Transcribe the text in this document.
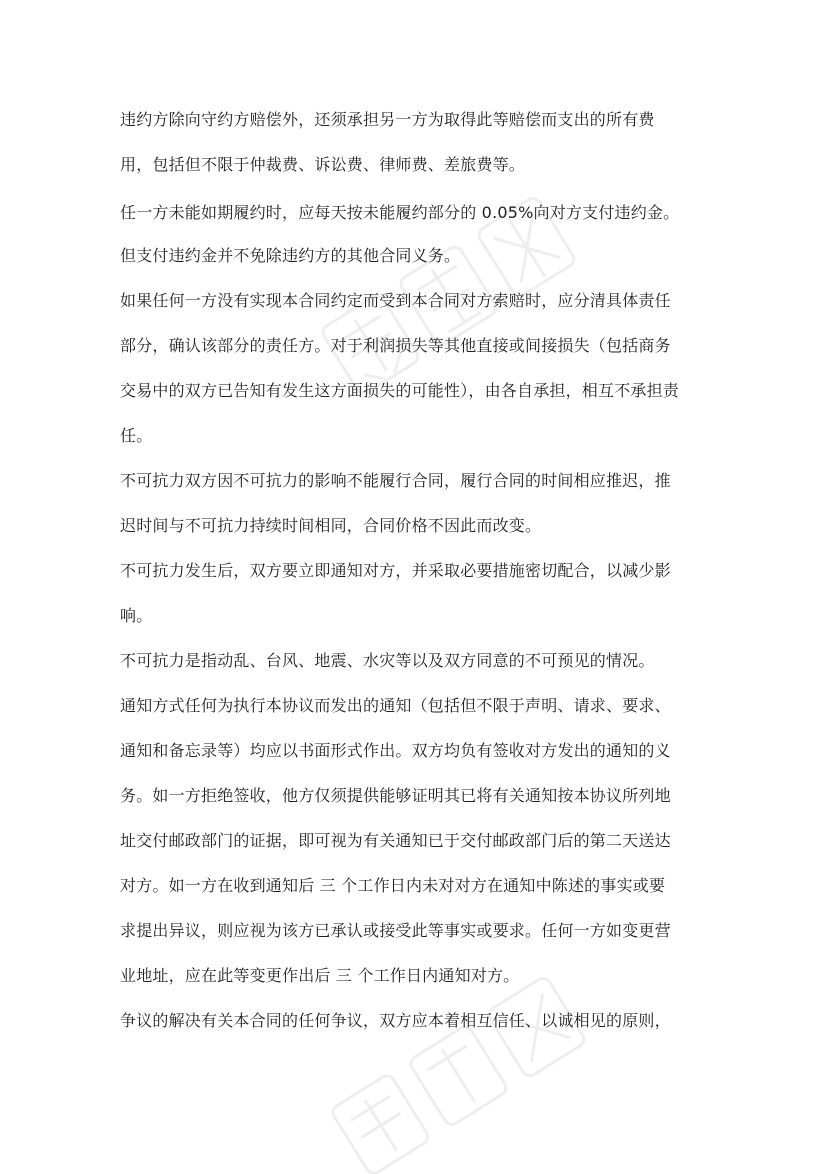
违约方除向守约方赔偿外，还须承担另一方为取得此等赔偿而支出的所有费
用，包括但不限于仲裁费、诉讼费、律师费、差旅费等。
任一方未能如期履约时，应每天按未能履约部分的 0.05%向对方支付违约金。
但支付违约金并不免除违约方的其他合同义务。
如果任何一方没有实现本合同约定而受到本合同对方索赔时，应分清具体责任
部分，确认该部分的责任方。对于利润损失等其他直接或间接损失（包括商务
交易中的双方已告知有发生这方面损失的可能性），由各自承担，相互不承担责
任。
不可抗力双方因不可抗力的影响不能履行合同，履行合同的时间相应推迟，推
迟时间与不可抗力持续时间相同，合同价格不因此而改变。
不可抗力发生后，双方要立即通知对方，并采取必要措施密切配合，以减少影
响。
不可抗力是指动乱、台风、地震、水灾等以及双方同意的不可预见的情况。
通知方式任何为执行本协议而发出的通知（包括但不限于声明、请求、要求、
通知和备忘录等）均应以书面形式作出。双方均负有签收对方发出的通知的义
务。如一方拒绝签收，他方仅须提供能够证明其已将有关通知按本协议所列地
址交付邮政部门的证据，即可视为有关通知已于交付邮政部门后的第二天送达
对方。如一方在收到通知后 三 个工作日内未对对方在通知中陈述的事实或要
求提出异议，则应视为该方已承认或接受此等事实或要求。任何一方如变更营
业地址，应在此等变更作出后 三 个工作日内通知对方。
争议的解决有关本合同的任何争议，双方应本着相互信任、以诚相见的原则，
